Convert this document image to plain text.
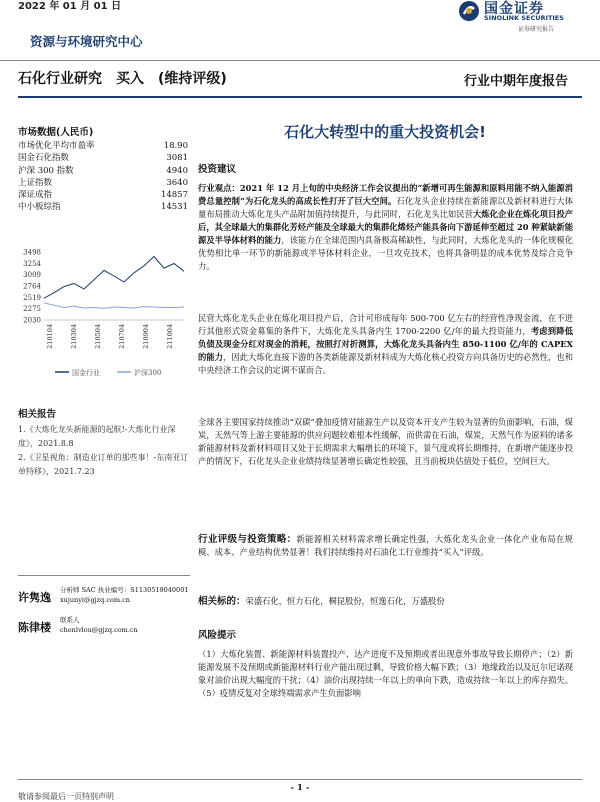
2022 年 01 月 01 日	国金证券
SINOLINK SECURITIES
证券研究报告
资源与环境研究中心
石化行业研究 买入 (维持评级)	行业中期年度报告
市场数据(人民币)
市场优化平均市盈率	18.90
国金石化指数	3081
沪深 300 指数	4940
上证指数	3640
深证成指	14857
中小板综指	14531
3498
3254
3009
2764
2519
2275
2030
210104 210304 210504 210704 210904 211004
国金行业	沪深300
相关报告
1.《大炼化龙头新能源的起航!-大炼化行业深度》，2021.8.8
2.《卫星视角：制造业订单的那些事！-东南亚订单特移》，2021.7.23
许隽逸
分析师 SAC 执业编号：S1130519040001
xujunyi@gjzq.com.cn
陈律楼
联系人
chenlvlou@gjzq.com.cn
石化大转型中的重大投资机会!
投资建议
行业观点：2021 年 12 月上旬的中央经济工作会议提出的“新增可再生能源和原料用能不纳入能源消费总量控制”为石化龙头的高成长性打开了巨大空间。石化龙头企业持续在新能源以及新材料进行大体量布局推动大炼化龙头产品附加值持续提升，与此同时，石化龙头比如民营大炼化企业在炼化项目投产后，其全球最大的集群化芳烃产能及全球最大的集群化烯烃产能具备向下游延伸至超过 20 种紧缺新能源及半导体材料的能力，该能力在全球范围内具备极高稀缺性，与此同时，大炼化龙头的一体化规模化优势相比单一环节的新能源或半导体材料企业，一旦攻克技术，也将具备明显的成本优势及综合竞争力。
民营大炼化龙头企业在炼化项目投产后，合计可形成每年 500-700 亿左右的经营性净现金流，在不进行其他形式资金募集的条件下，大炼化龙头具备内生 1700-2200 亿/年的最大投资能力，考虑到降低负债及现金分红对现金的消耗，按照打对折测算，大炼化龙头具备内生 850-1100 亿/年的 CAPEX 的能力，因此大炼化直接下游的各类新能源及新材料成为大炼化核心投资方向具备历史的必然性，也和中央经济工作会议的定调不谋而合。
全球各主要国家持续推动“双碳”叠加疫情对能源生产以及资本开支产生较为显著的负面影响，石油，煤炭，天然气等上游主要能源的供应问题较难根本性缓解，而供需在石油，煤炭，天然气作为原料的诸多新能源材料及新材料项目又处于长期需求大幅增长的环境下，景气度或将长期维持，在新增产能逐步投产的情况下，石化龙头企业业绩持续显著增长确定性较强，且当前板块估值处于低位，空间巨大。
行业评级与投资策略：新能源相关材料需求增长确定性强，大炼化龙头企业一体化产业布局在规模、成本、产业结构优势显著！我们持续维持对石油化工行业维持“买入”评级。
相关标的：荣盛石化，恒力石化，桐昆股份，恒逸石化，万盛股份
风险提示
（1）大炼化装置、新能源材料装置投产、达产进度不及预期或者出现意外事故导致长期停产；（2）新能源发展不及预期或新能源材料行业产能出现过剩，导致价格大幅下跌；（3）地缘政治以及厄尔尼诺现象对油价出现大幅度的干扰；（4）油价出现持续一年以上的单向下跌，造成持续一年以上的库存损失。（5）疫情反复对全球终端需求产生负面影响
- 1 -
敬请参阅最后一页特别声明
